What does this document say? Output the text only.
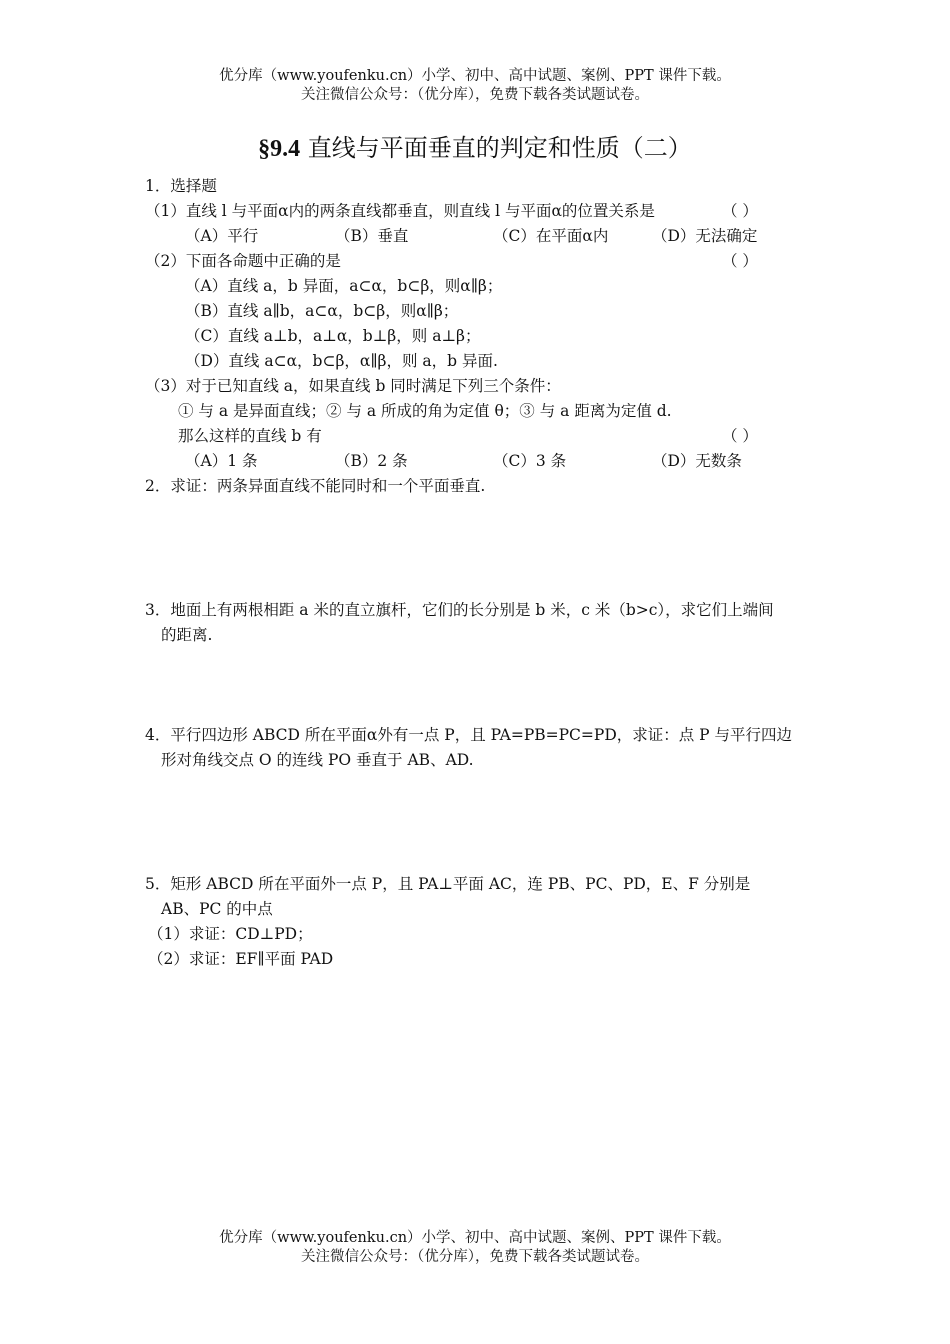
优分库（www.youfenku.cn）小学、初中、高中试题、案例、PPT 课件下载。
关注微信公众号：（优分库），免费下载各类试题试卷。
§9.4 直线与平面垂直的判定和性质（二）
1．选择题
（1）直线 l 与平面α内的两条直线都垂直，则直线 l 与平面α的位置关系是	（ ）
（A）平行	（B）垂直	（C）在平面α内	（D）无法确定
（2）下面各命题中正确的是	（ ）
（A）直线 a，b 异面，a⊂α，b⊂β，则α∥β；
（B）直线 a∥b，a⊂α，b⊂β，则α∥β；
（C）直线 a⊥b，a⊥α，b⊥β，则 a⊥β；
（D）直线 a⊂α，b⊂β，α∥β，则 a，b 异面.
（3）对于已知直线 a，如果直线 b 同时满足下列三个条件：
① 与 a 是异面直线；② 与 a 所成的角为定值 θ；③ 与 a 距离为定值 d.
那么这样的直线 b 有	（ ）
（A）1 条	（B）2 条	（C）3 条	（D）无数条
2．求证：两条异面直线不能同时和一个平面垂直.
3．地面上有两根相距 a 米的直立旗杆，它们的长分别是 b 米，c 米（b>c），求它们上端间
的距离.
4．平行四边形 ABCD 所在平面α外有一点 P，且 PA=PB=PC=PD，求证：点 P 与平行四边
形对角线交点 O 的连线 PO 垂直于 AB、AD.
5．矩形 ABCD 所在平面外一点 P，且 PA⊥平面 AC，连 PB、PC、PD，E、F 分别是
AB、PC 的中点
（1）求证：CD⊥PD；
（2）求证：EF∥平面 PAD
优分库（www.youfenku.cn）小学、初中、高中试题、案例、PPT 课件下载。
关注微信公众号：（优分库），免费下载各类试题试卷。
